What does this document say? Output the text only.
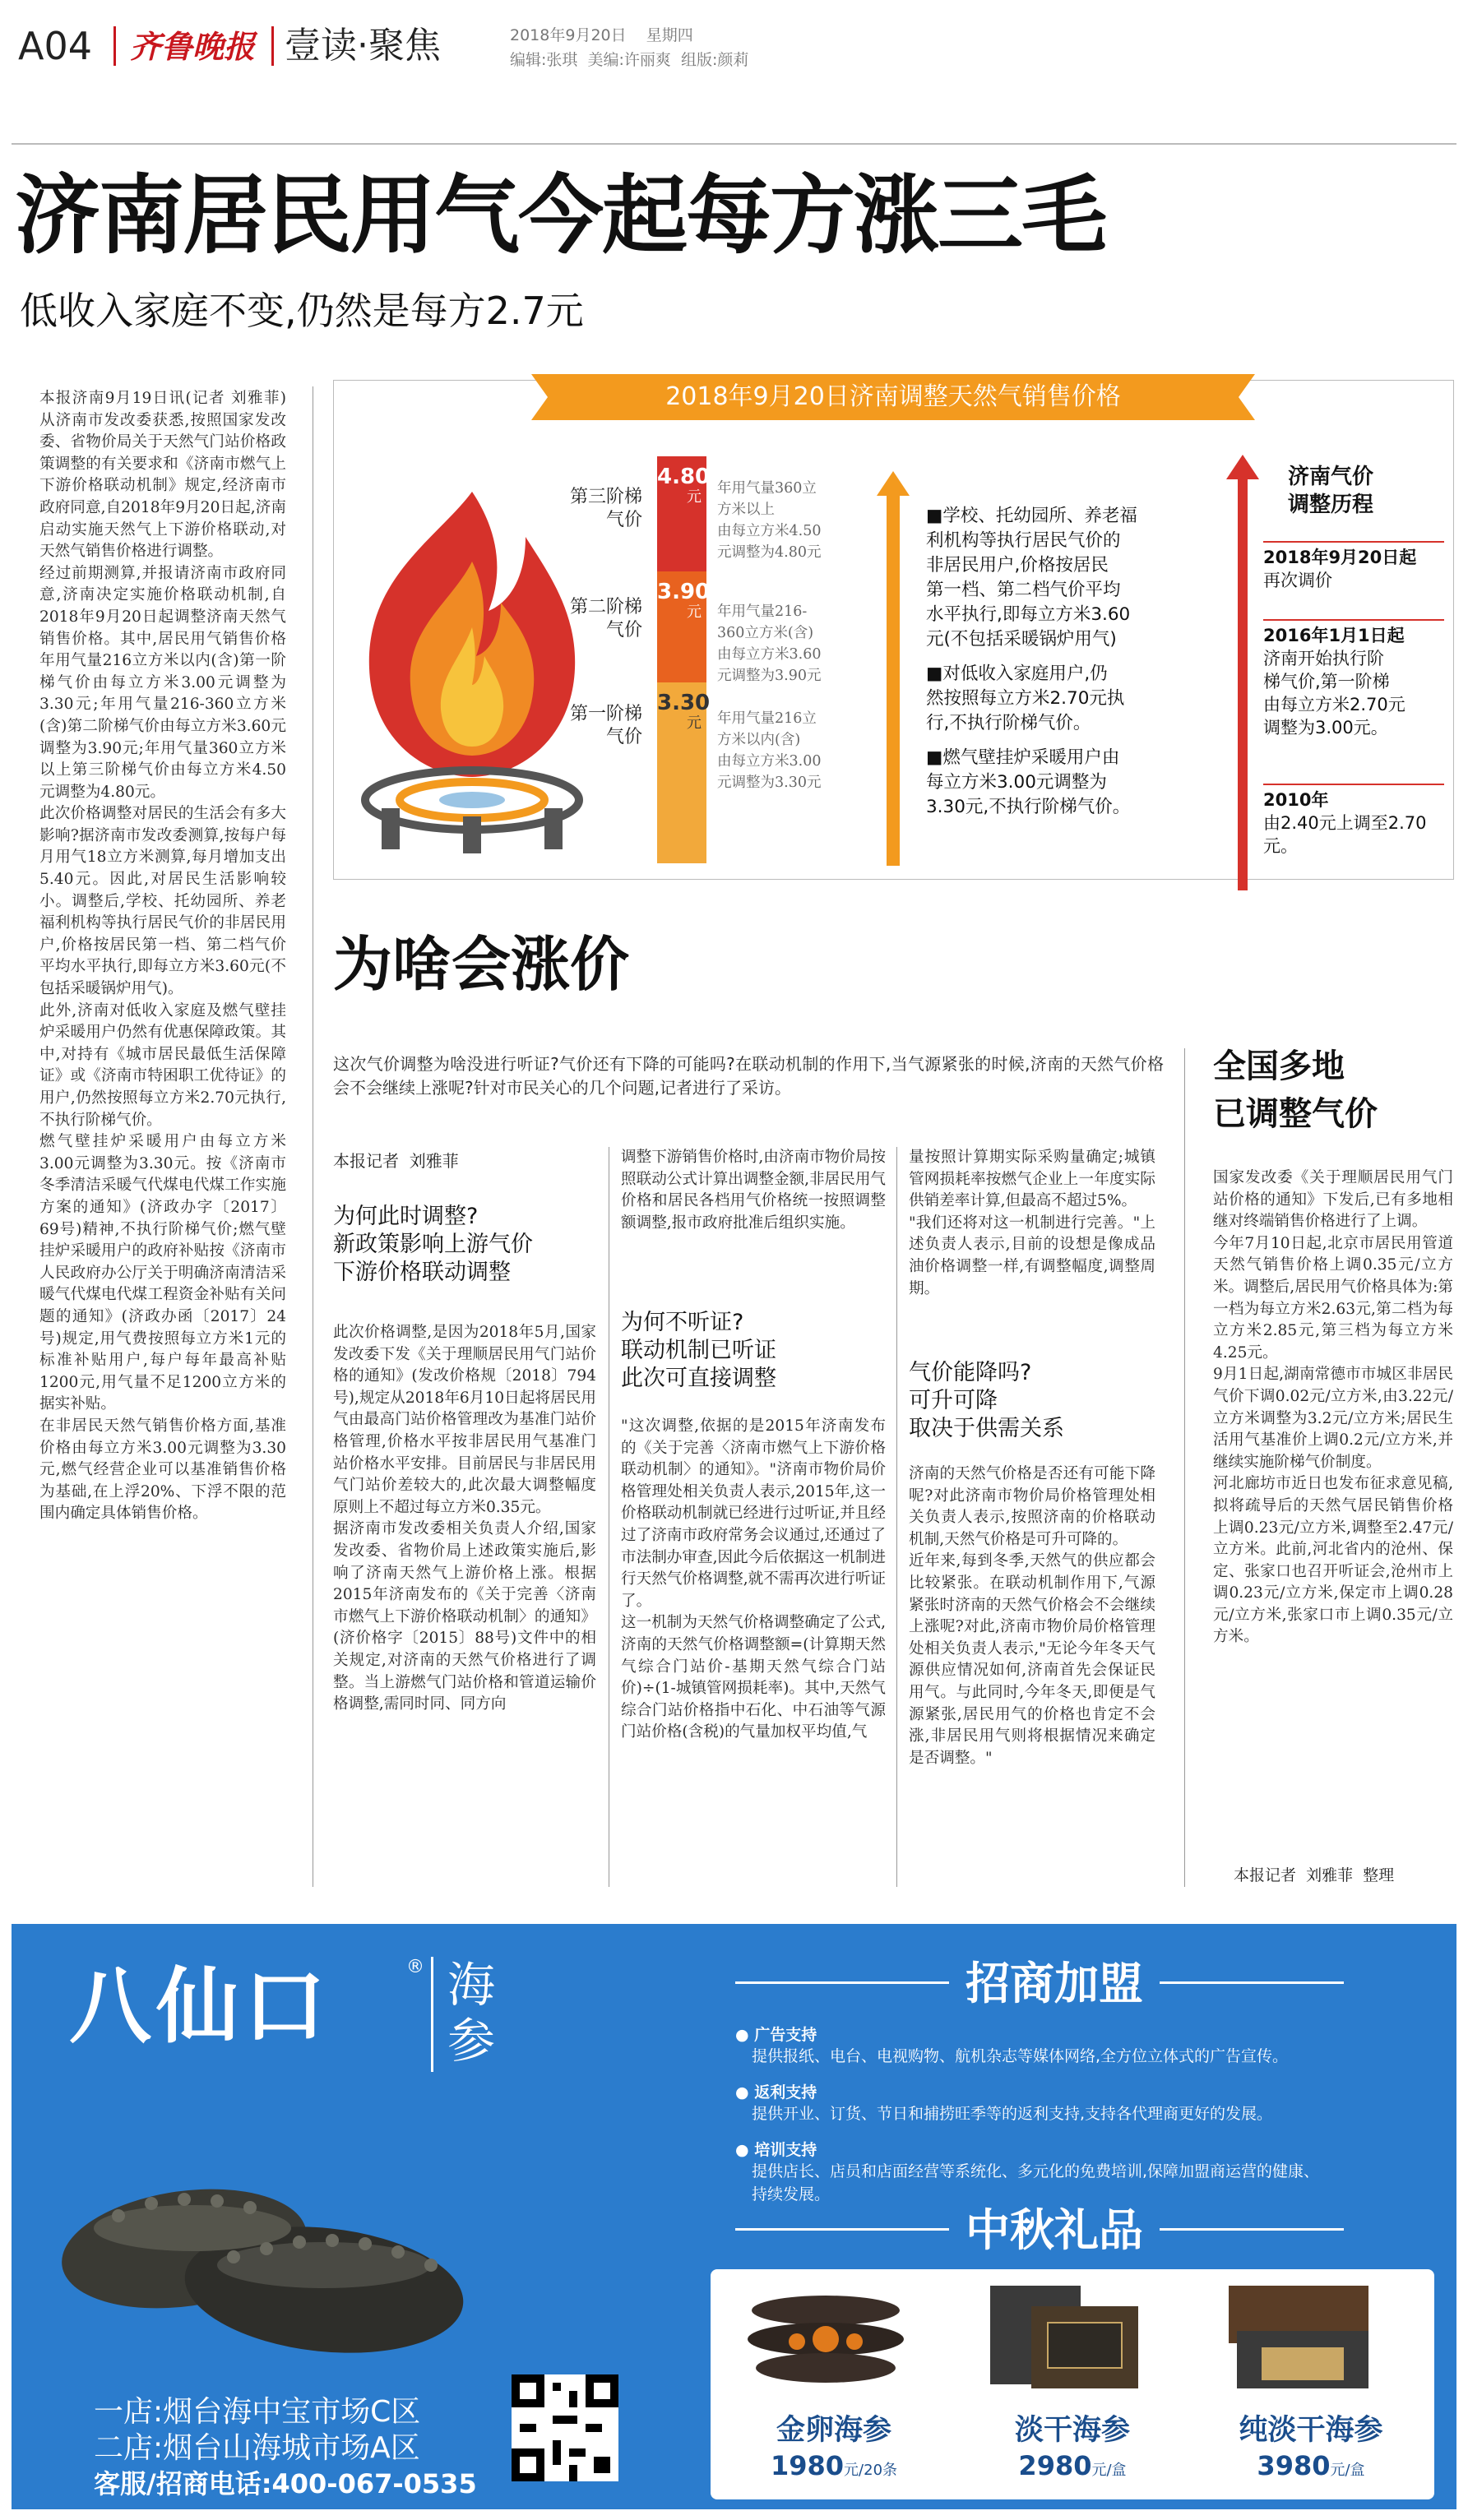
A04 齐鲁晚报 壹读·聚焦	2018年9月20日 星期四
编辑:张琪  美编:许丽爽  组版:颜莉
济南居民用气今起每方涨三毛
低收入家庭不变,仍然是每方2.7元

本报济南9月19日讯(记者 刘雅菲) 从济南市发改委获悉,按照国家发改委、省物价局关于天然气门站价格政策调整的有关要求和《济南市燃气上下游价格联动机制》规定,经济南市政府同意,自2018年9月20日起,济南启动实施天然气上下游价格联动,对天然气销售价格进行调整。

经过前期测算,并报请济南市政府同意,济南决定实施价格联动机制,自2018年9月20日起调整济南天然气销售价格。其中,居民用气销售价格年用气量216立方米以内(含)第一阶梯气价由每立方米3.00元调整为3.30元;年用气量216-360立方米(含)第二阶梯气价由每立方米3.60元调整为3.90元;年用气量360立方米以上第三阶梯气价由每立方米4.50元调整为4.80元。

此次价格调整对居民的生活会有多大影响?据济南市发改委测算,按每户每月用气18立方米测算,每月增加支出5.40元。因此,对居民生活影响较小。调整后,学校、托幼园所、养老福利机构等执行居民气价的非居民用户,价格按居民第一档、第二档气价平均水平执行,即每立方米3.60元(不包括采暖锅炉用气)。

此外,济南对低收入家庭及燃气壁挂炉采暖用户仍然有优惠保障政策。其中,对持有《城市居民最低生活保障证》或《济南市特困职工优待证》的用户,仍然按照每立方米2.70元执行,不执行阶梯气价。

燃气壁挂炉采暖用户由每立方米3.00元调整为3.30元。按《济南市冬季清洁采暖气代煤电代煤工作实施方案的通知》(济政办字〔2017〕69号)精神,不执行阶梯气价;燃气壁挂炉采暖用户的政府补贴按《济南市人民政府办公厅关于明确济南清洁采暖气代煤电代煤工程资金补贴有关问题的通知》(济政办函〔2017〕24号)规定,用气费按照每立方米1元的标准补贴用户,每户每年最高补贴1200元,用气量不足1200立方米的据实补贴。

在非居民天然气销售价格方面,基准价格由每立方米3.00元调整为3.30元,燃气经营企业可以基准销售价格为基础,在上浮20%、下浮不限的范围内确定具体销售价格。

2018年9月20日济南调整天然气销售价格
第三阶梯
气价
第二阶梯
气价
第一阶梯
气价
4.80
元
3.90
元
3.30
元
年用气量360立
方米以上
由每立方米4.50
元调整为4.80元
年用气量216-
360立方米(含)
由每立方米3.60
元调整为3.90元
年用气量216立
方米以内(含)
由每立方米3.00
元调整为3.30元

■学校、托幼园所、养老福
利机构等执行居民气价的
非居民用户,价格按居民
第一档、第二档气价平均
水平执行,即每立方米3.60
元(不包括采暖锅炉用气)

■对低收入家庭用户,仍
然按照每立方米2.70元执
行,不执行阶梯气价。

■燃气壁挂炉采暖用户由
每立方米3.00元调整为
3.30元,不执行阶梯气价。

济南气价
调整历程
2018年9月20日起
再次调价
2016年1月1日起
济南开始执行阶
梯气价,第一阶梯
由每立方米2.70元
调整为3.00元。
2010年
由2.40元上调至2.70
元。
为啥会涨价
这次气价调整为啥没进行听证?气价还有下降的可能吗?在联动机制的作用下,当气源紧张的时候,济南的天然气价格会不会继续上涨呢?针对市民关心的几个问题,记者进行了采访。
本报记者  刘雅菲
为何此时调整?
新政策影响上游气价
下游价格联动调整
此次价格调整,是因为2018年5月,国家发改委下发《关于理顺居民用气门站价格的通知》(发改价格规〔2018〕794号),规定从2018年6月10日起将居民用气由最高门站价格管理改为基准门站价格管理,价格水平按非居民用气基准门站价格水平安排。目前居民与非居民用气门站价差较大的,此次最大调整幅度原则上不超过每立方米0.35元。
据济南市发改委相关负责人介绍,国家发改委、省物价局上述政策实施后,影响了济南天然气上游价格上涨。根据2015年济南发布的《关于完善〈济南市燃气上下游价格联动机制〉的通知》(济价格字〔2015〕88号)文件中的相关规定,对济南的天然气价格进行了调整。当上游燃气门站价格和管道运输价格调整,需同时同、同方向
调整下游销售价格时,由济南市物价局按照联动公式计算出调整金额,非居民用气价格和居民各档用气价格统一按照调整额调整,报市政府批准后组织实施。
为何不听证?
联动机制已听证
此次可直接调整
"这次调整,依据的是2015年济南发布的《关于完善〈济南市燃气上下游价格联动机制〉的通知》。"济南市物价局价格管理处相关负责人表示,2015年,这一价格联动机制就已经进行过听证,并且经过了济南市政府常务会议通过,还通过了市法制办审查,因此今后依据这一机制进行天然气价格调整,就不需再次进行听证了。
这一机制为天然气价格调整确定了公式,济南的天然气价格调整额=(计算期天然气综合门站价-基期天然气综合门站价)÷(1-城镇管网损耗率)。其中,天然气综合门站价格指中石化、中石油等气源门站价格(含税)的气量加权平均值,气
量按照计算期实际采购量确定;城镇管网损耗率按燃气企业上一年度实际供销差率计算,但最高不超过5%。
"我们还将对这一机制进行完善。"上述负责人表示,目前的设想是像成品油价格调整一样,有调整幅度,调整周期。
气价能降吗?
可升可降
取决于供需关系
济南的天然气价格是否还有可能下降呢?对此济南市物价局价格管理处相关负责人表示,按照济南的价格联动机制,天然气价格是可升可降的。
近年来,每到冬季,天然气的供应都会比较紧张。在联动机制作用下,气源紧张时济南的天然气价格会不会继续上涨呢?对此,济南市物价局价格管理处相关负责人表示,"无论今年冬天气源供应情况如何,济南首先会保证民用气。与此同时,今年冬天,即便是气源紧张,居民用气的价格也肯定不会涨,非居民用气则将根据情况来确定是否调整。"
全国多地
已调整气价
国家发改委《关于理顺居民用气门站价格的通知》下发后,已有多地相继对终端销售价格进行了上调。
今年7月10日起,北京市居民用管道天然气销售价格上调0.35元/立方米。调整后,居民用气价格具体为:第一档为每立方米2.63元,第二档为每立方米2.85元,第三档为每立方米4.25元。
9月1日起,湖南常德市市城区非居民气价下调0.02元/立方米,由3.22元/立方米调整为3.2元/立方米;居民生活用气基准价上调0.2元/立方米,并继续实施阶梯气价制度。
河北廊坊市近日也发布征求意见稿,拟将疏导后的天然气居民销售价格上调0.23元/立方米,调整至2.47元/立方米。此前,河北省内的沧州、保定、张家口也召开听证会,沧州市上调0.23元/立方米,保定市上调0.28元/立方米,张家口市上调0.35元/立方米。
本报记者  刘雅菲  整理
八仙口	® 海
参
一店:烟台海中宝市场C区
二店:烟台山海城市场A区
客服/招商电话:400-067-0535
招商加盟
● 广告支持
提供报纸、电台、电视购物、航机杂志等媒体网络,全方位立体式的广告宣传。
● 返利支持
提供开业、订货、节日和捕捞旺季等的返利支持,支持各代理商更好的发展。
● 培训支持
提供店长、店员和店面经营等系统化、多元化的免费培训,保障加盟商运营的健康、
持续发展。
中秋礼品
金卵海参
1980元/20条
淡干海参
2980元/盒
纯淡干海参
3980元/盒
